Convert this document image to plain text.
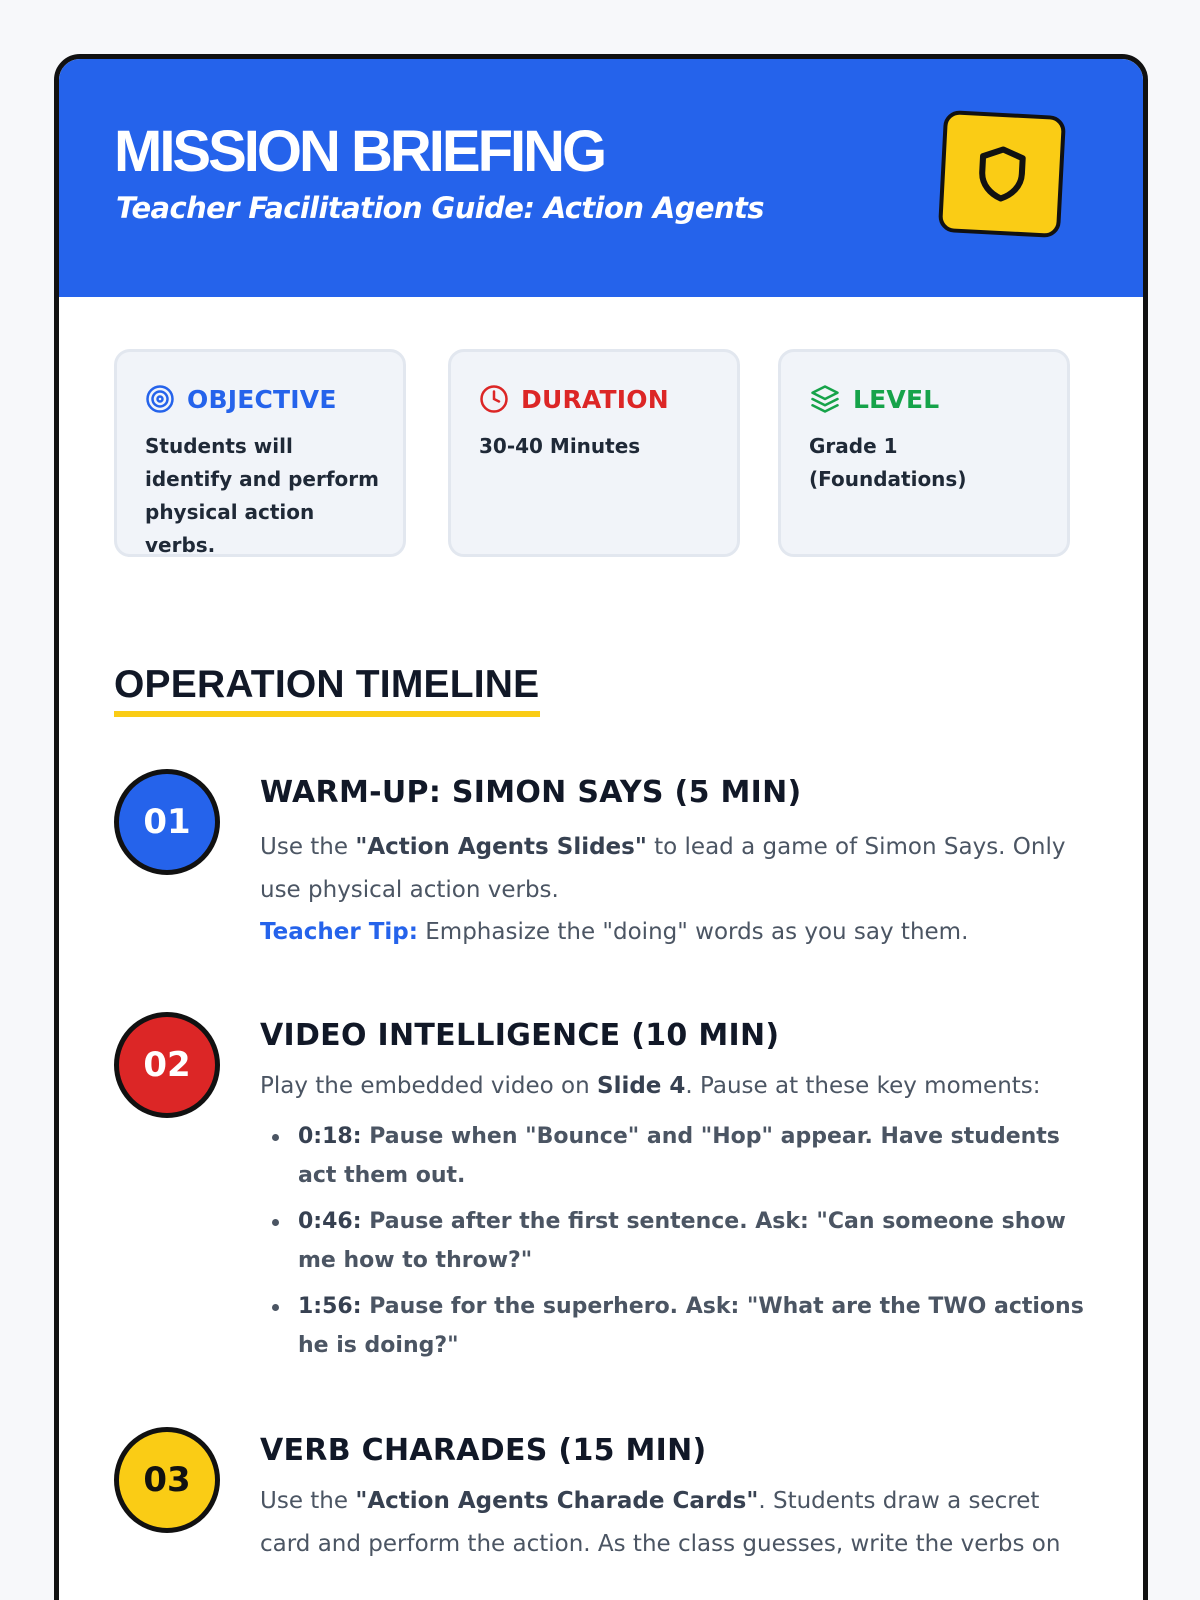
MISSION BRIEFING
Teacher Facilitation Guide: Action Agents
OBJECTIVE
Students will identify and perform physical action verbs.
DURATION
30-40 Minutes
LEVEL
Grade 1 (Foundations)
OPERATION TIMELINE
01
WARM-UP: SIMON SAYS (5 MIN)
Use the "Action Agents Slides" to lead a game of Simon Says. Only use physical action verbs.
Teacher Tip: Emphasize the "doing" words as you say them.
02
VIDEO INTELLIGENCE (10 MIN)
Play the embedded video on Slide 4. Pause at these key moments:
0:18: Pause when "Bounce" and "Hop" appear. Have students act them out.
0:46: Pause after the first sentence. Ask: "Can someone show me how to throw?"
1:56: Pause for the superhero. Ask: "What are the TWO actions he is doing?"
03
VERB CHARADES (15 MIN)
Use the "Action Agents Charade Cards". Students draw a secret card and perform the action. As the class guesses, write the verbs on
